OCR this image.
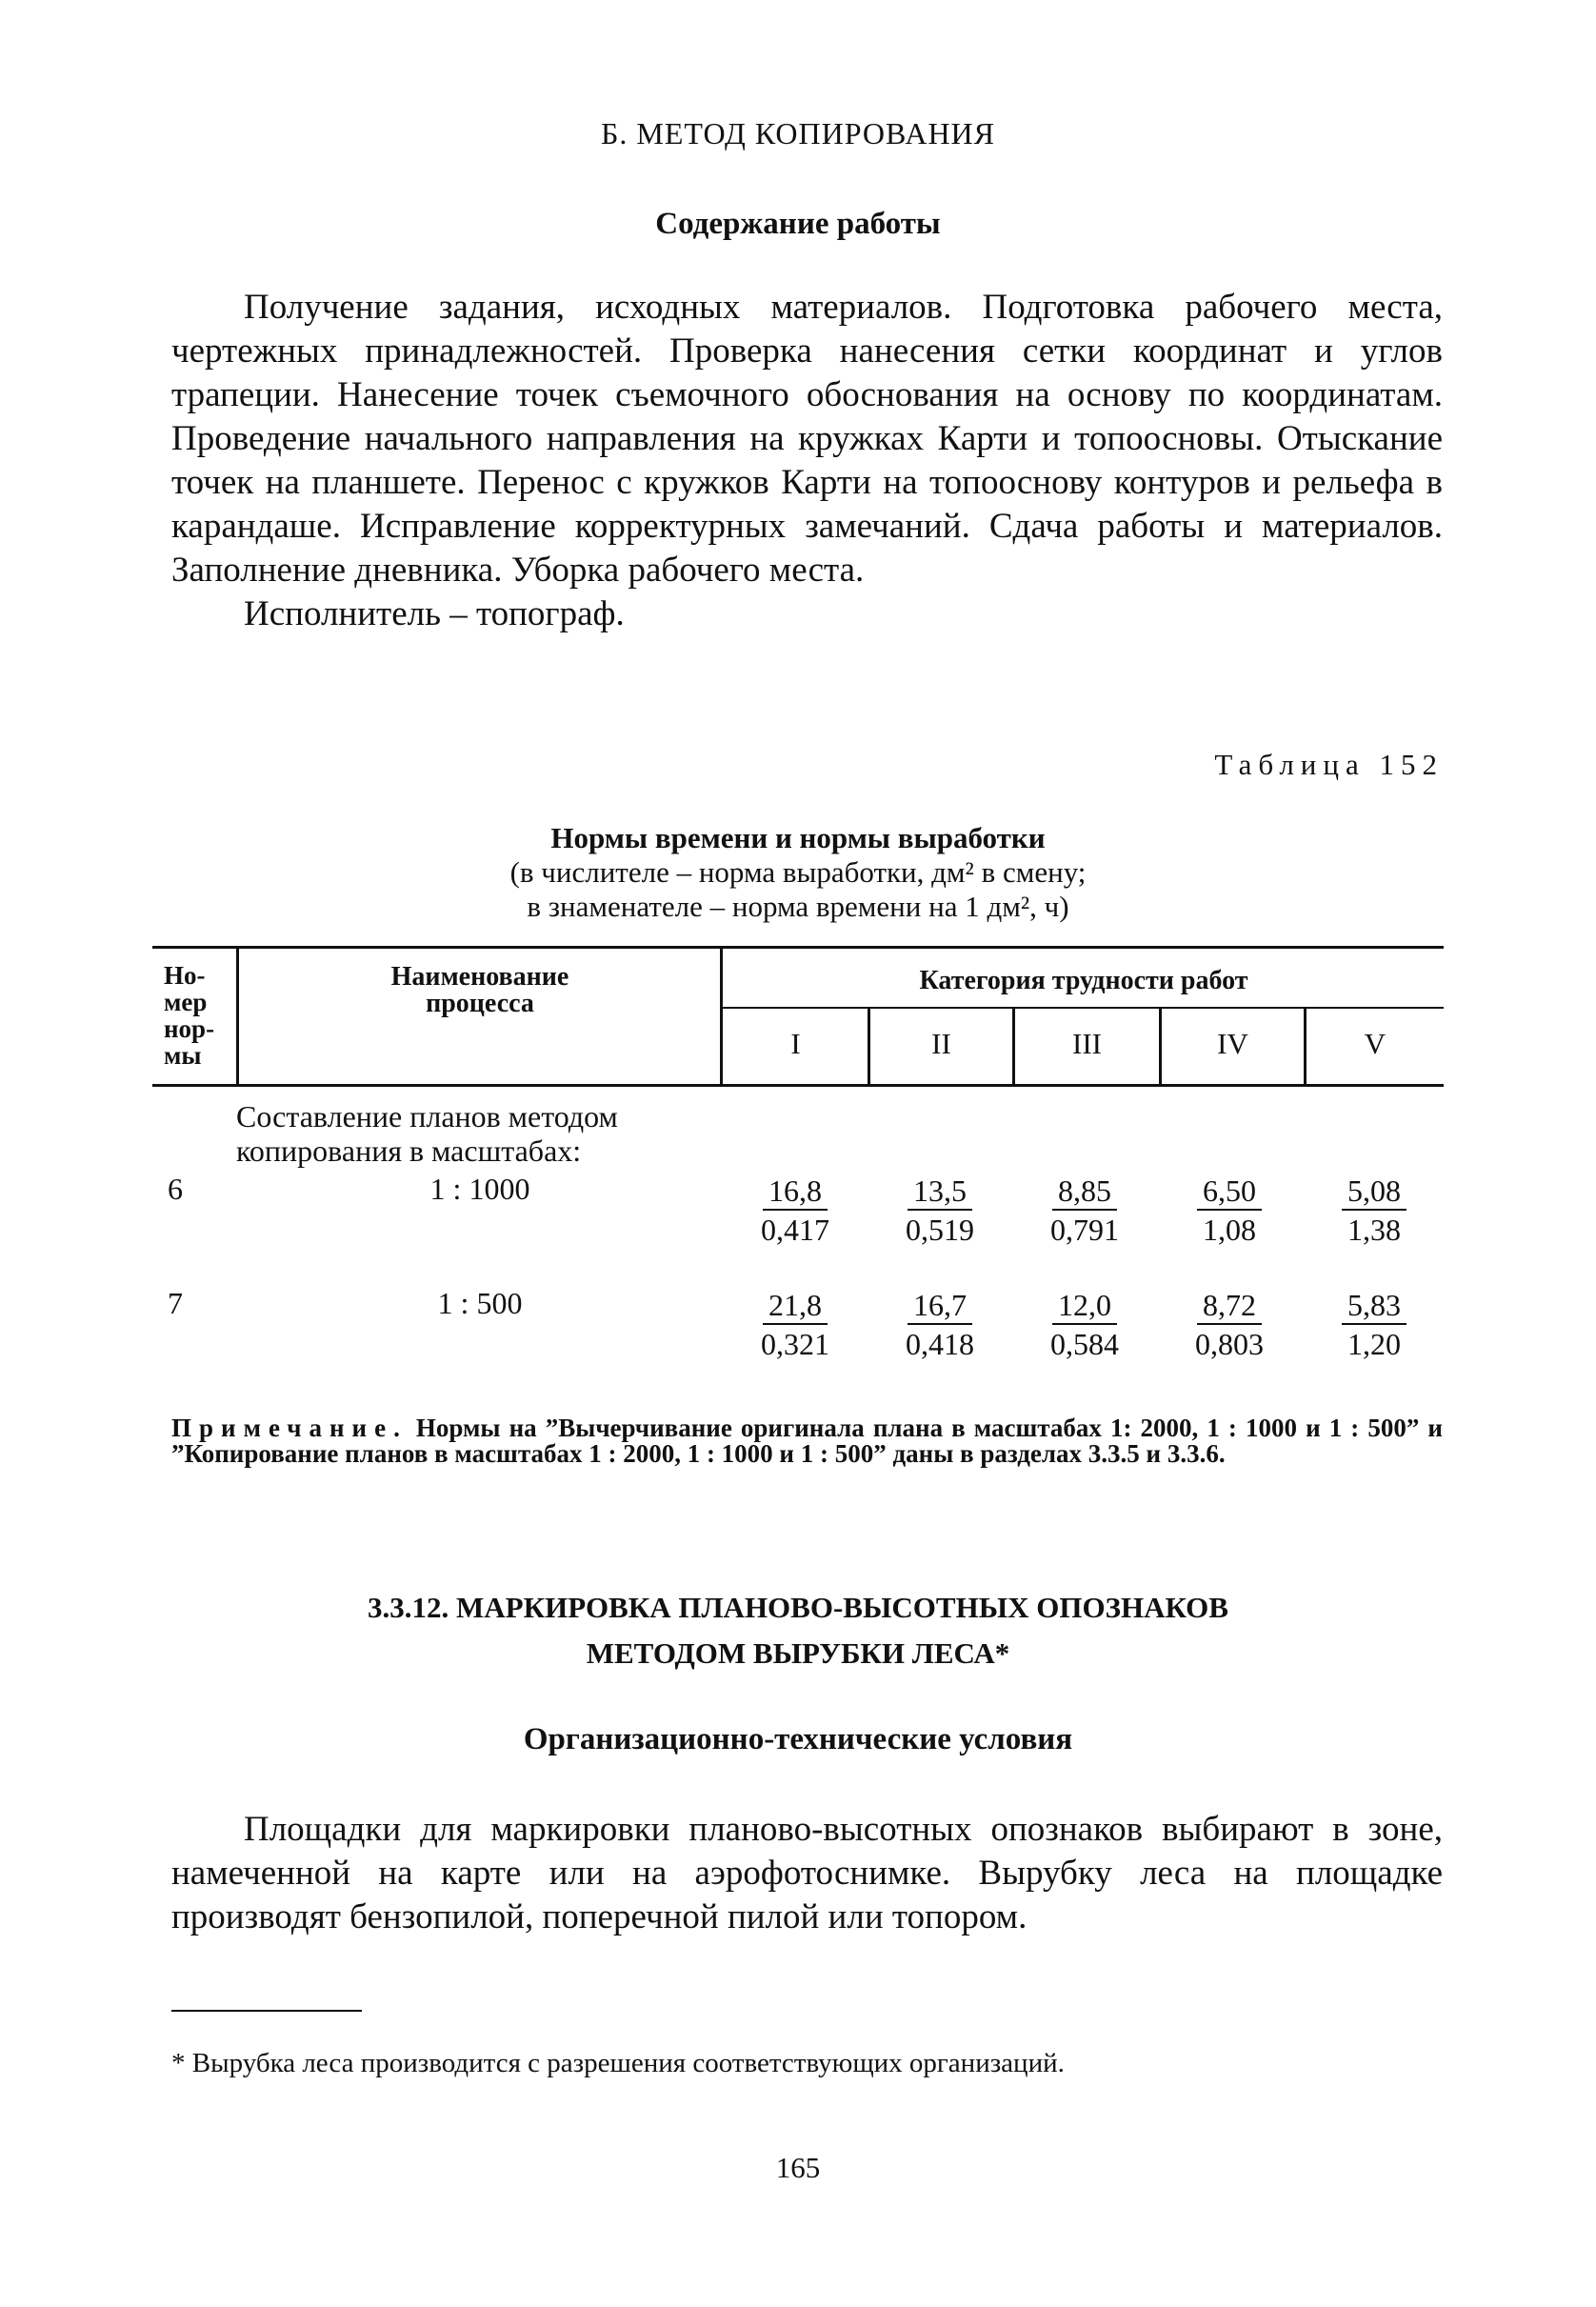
Б. МЕТОД КОПИРОВАНИЯ
Содержание работы

Получение задания, исходных материалов. Подготовка рабочего места, чертежных принадлежностей. Проверка нанесения сетки координат и углов трапеции. Нанесение точек съемочного обоснования на основу по координатам. Проведение начального направления на кружках Карти и топоосновы. Отыскание точек на планшете. Перенос с кружков Карти на топооснову контуров и рельефа в карандаше. Исправление корректурных замечаний. Сдача работы и материалов. Заполнение дневника. Уборка рабочего места.

Исполнитель – топограф.

Таблица 152
Нормы времени и нормы выработки
(в числителе – норма выработки, дм² в смену;
в знаменателе – норма времени на 1 дм², ч)
Но-
мер
нор-
мы
Наименование
процесса
Категория трудности работ
I	II	III	IV	V
Составление планов методом
копирования в масштабах:
6	1 : 1000	$\frac{16,8}{0,417} \frac{13,5}{0,519} \frac{8,85}{0,791} \frac{6,50}{1,08} \frac{5,08}{1,38}$
7	1 : 500	$\frac{21,8}{0,321} \frac{16,7}{0,418} \frac{12,0}{0,584} \frac{8,72}{0,803} \frac{5,83}{1,20}$
Примечание. Нормы на ”Вычерчивание оригинала плана в масштабах 1: 2000, 1 : 1000 и 1 : 500” и ”Копирование планов в масштабах 1 : 2000, 1 : 1000 и 1 : 500” даны в разделах 3.3.5 и 3.3.6.
3.3.12. МАРКИРОВКА ПЛАНОВО-ВЫСОТНЫХ ОПОЗНАКОВ
МЕТОДОМ ВЫРУБКИ ЛЕСА*
Организационно-технические условия

Площадки для маркировки планово-высотных опознаков выбирают в зоне, намеченной на карте или на аэрофотоснимке. Вырубку леса на площадке производят бензопилой, поперечной пилой или топором.

* Вырубка леса производится с разрешения соответствующих организаций.
165
